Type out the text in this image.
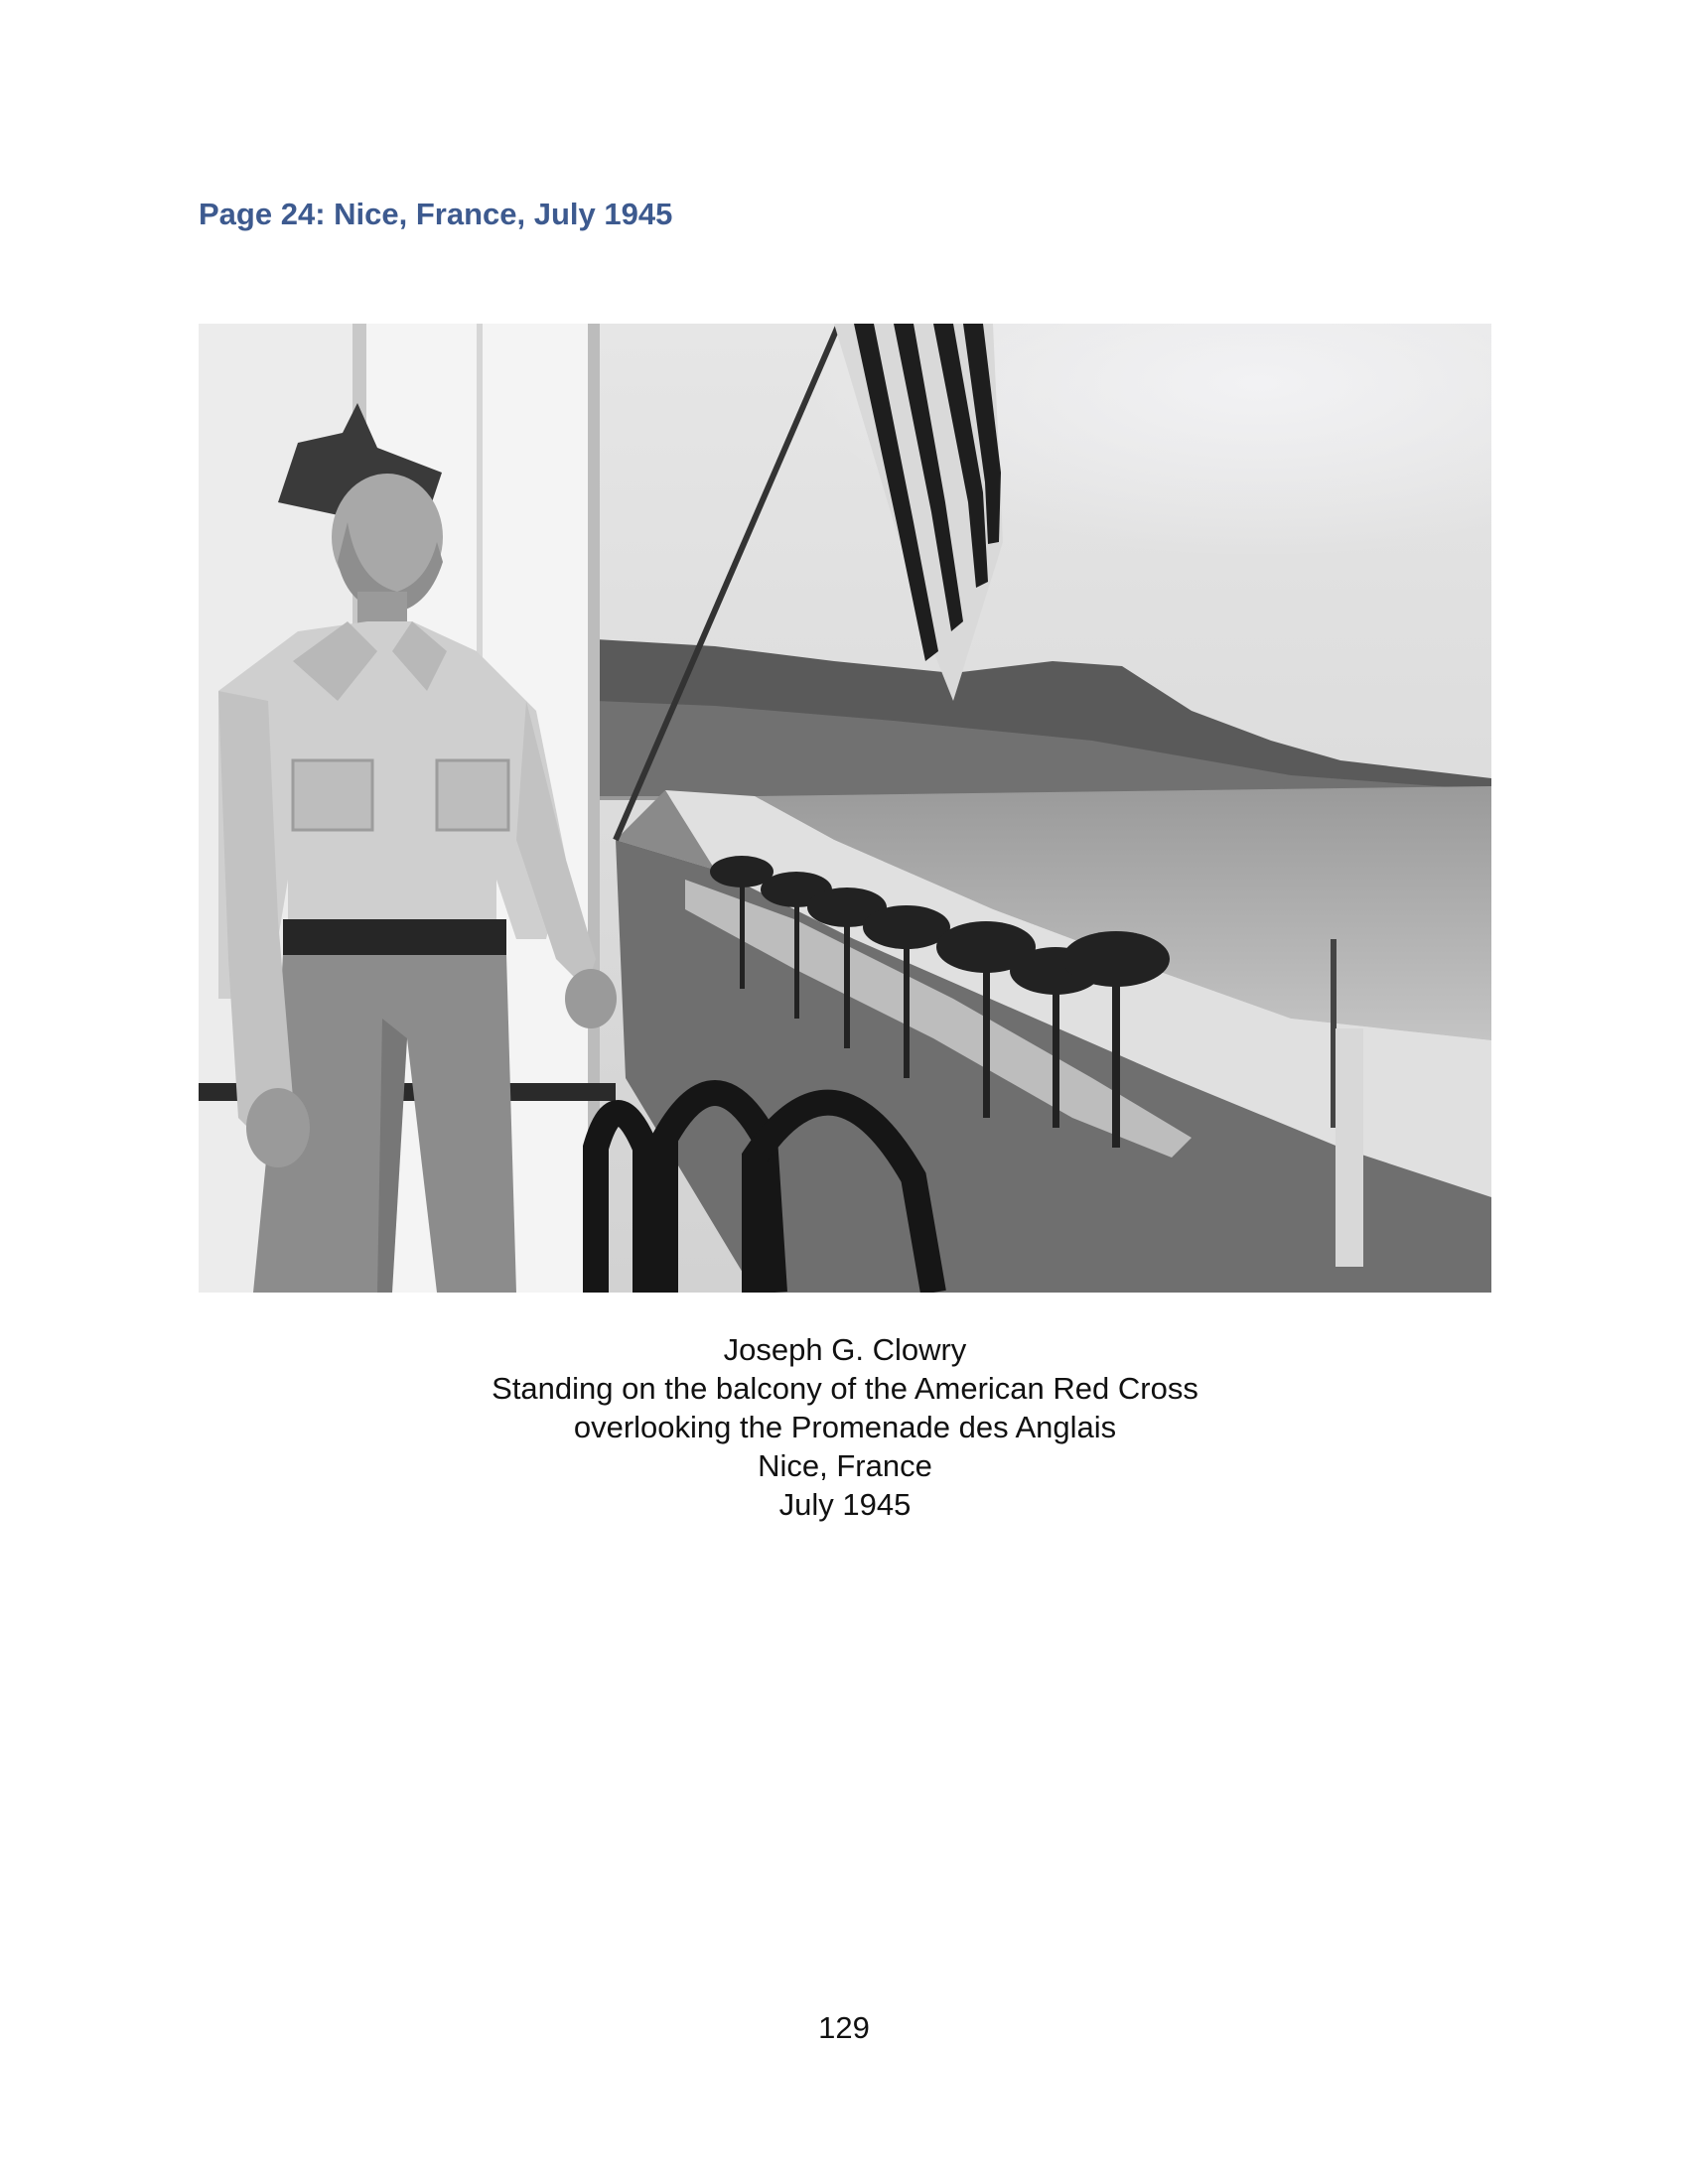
Page 24: Nice, France, July 1945
Joseph G. Clowry
Standing on the balcony of the American Red Cross
overlooking the Promenade des Anglais
Nice, France
July 1945
129
